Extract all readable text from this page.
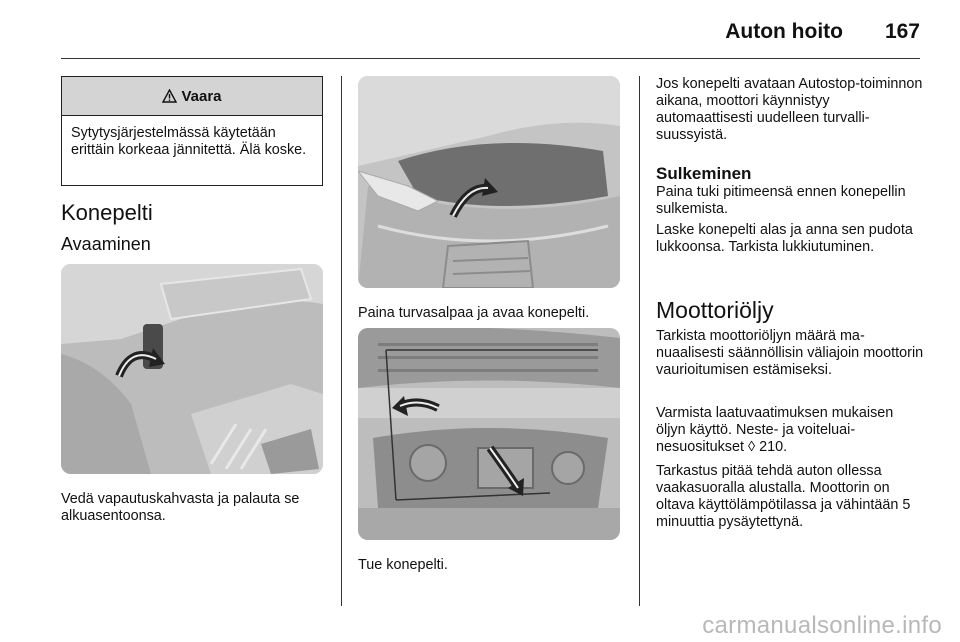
Auton hoito 167
Vaara
Sytytysjärjestelmässä käytetään erittäin korkeaa jännitettä. Älä koske.
Konepelti
Avaaminen
Vedä vapautuskahvasta ja palauta se alkuasentoonsa.
Paina turvasalpaa ja avaa konepelti.
Tue konepelti.
Jos konepelti avataan Autostop-toiminnon aikana, moottori käynnistyy automaattisesti uudelleen turvallisuussyistä.
Sulkeminen
Paina tuki pitimeensä ennen konepellin sulkemista.
Laske konepelti alas ja anna sen pudota lukkoonsa. Tarkista lukkiutuminen.
Moottoriöljy
Tarkista moottoriöljyn määrä manuaalisesti säännöllisin väliajoin moottorin vaurioitumisen estämiseksi.
Varmista laatuvaatimuksen mukaisen öljyn käyttö. Neste- ja voiteluainesuositukset ◊ 210.
Tarkastus pitää tehdä auton ollessa vaakasuoralla alustalla. Moottorin on oltava käyttölämpötilassa ja vähintään 5 minuuttia pysäytettynä.
carmanualsonline.info
